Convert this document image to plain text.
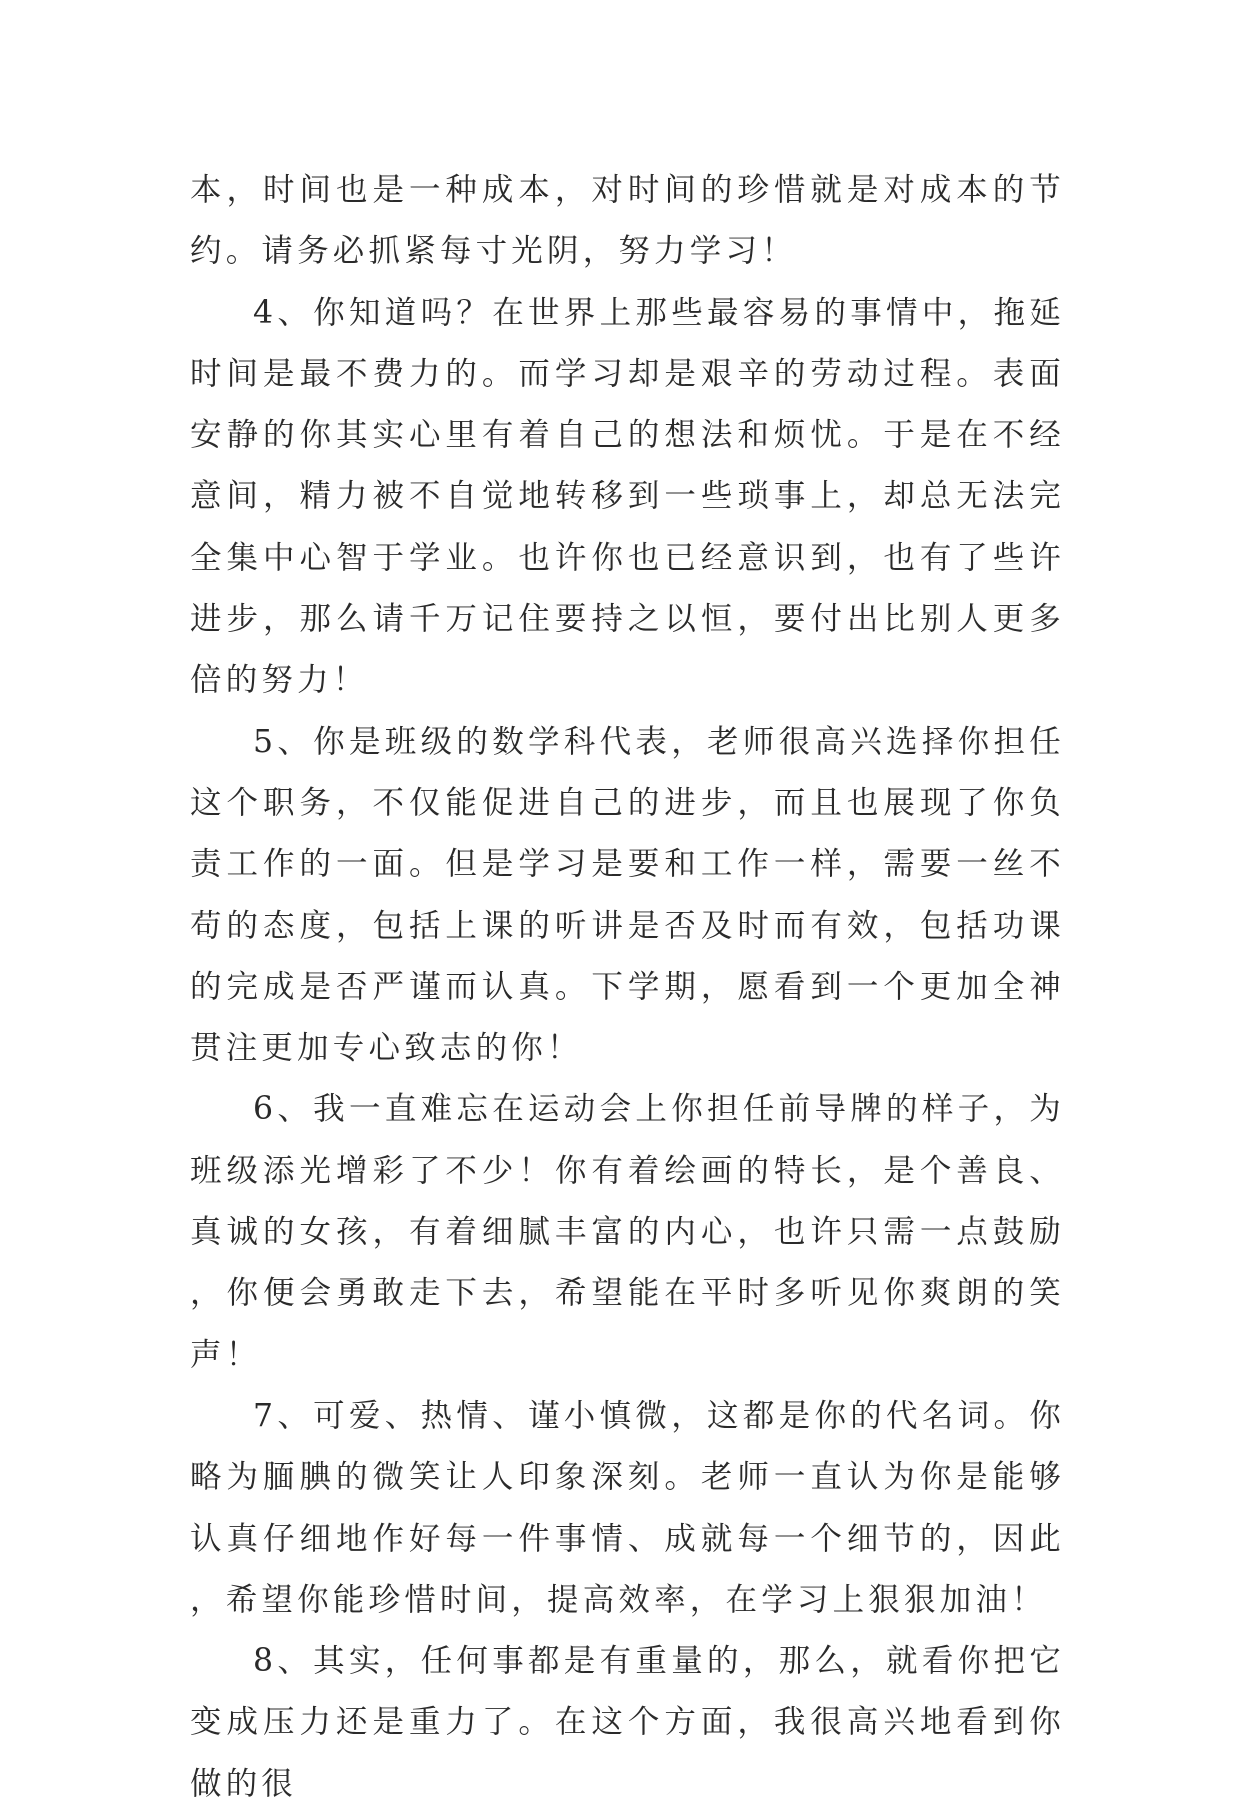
本，时间也是一种成本，对时间的珍惜就是对成本的节约。请务必抓紧每寸光阴，努力学习！

4、你知道吗？在世界上那些最容易的事情中，拖延时间是最不费力的。而学习却是艰辛的劳动过程。表面安静的你其实心里有着自己的想法和烦忧。于是在不经意间，精力被不自觉地转移到一些琐事上，却总无法完全集中心智于学业。也许你也已经意识到，也有了些许进步，那么请千万记住要持之以恒，要付出比别人更多倍的努力！

5、你是班级的数学科代表，老师很高兴选择你担任这个职务，不仅能促进自己的进步，而且也展现了你负责工作的一面。但是学习是要和工作一样，需要一丝不苟的态度，包括上课的听讲是否及时而有效，包括功课的完成是否严谨而认真。下学期，愿看到一个更加全神贯注更加专心致志的你！

6、我一直难忘在运动会上你担任前导牌的样子，为班级添光增彩了不少！你有着绘画的特长，是个善良、真诚的女孩，有着细腻丰富的内心，也许只需一点鼓励，你便会勇敢走下去，希望能在平时多听见你爽朗的笑声！

7、可爱、热情、谨小慎微，这都是你的代名词。你略为腼腆的微笑让人印象深刻。老师一直认为你是能够认真仔细地作好每一件事情、成就每一个细节的，因此，希望你能珍惜时间，提高效率，在学习上狠狠加油！

8、其实，任何事都是有重量的，那么，就看你把它变成压力还是重力了。在这个方面，我很高兴地看到你做的很
